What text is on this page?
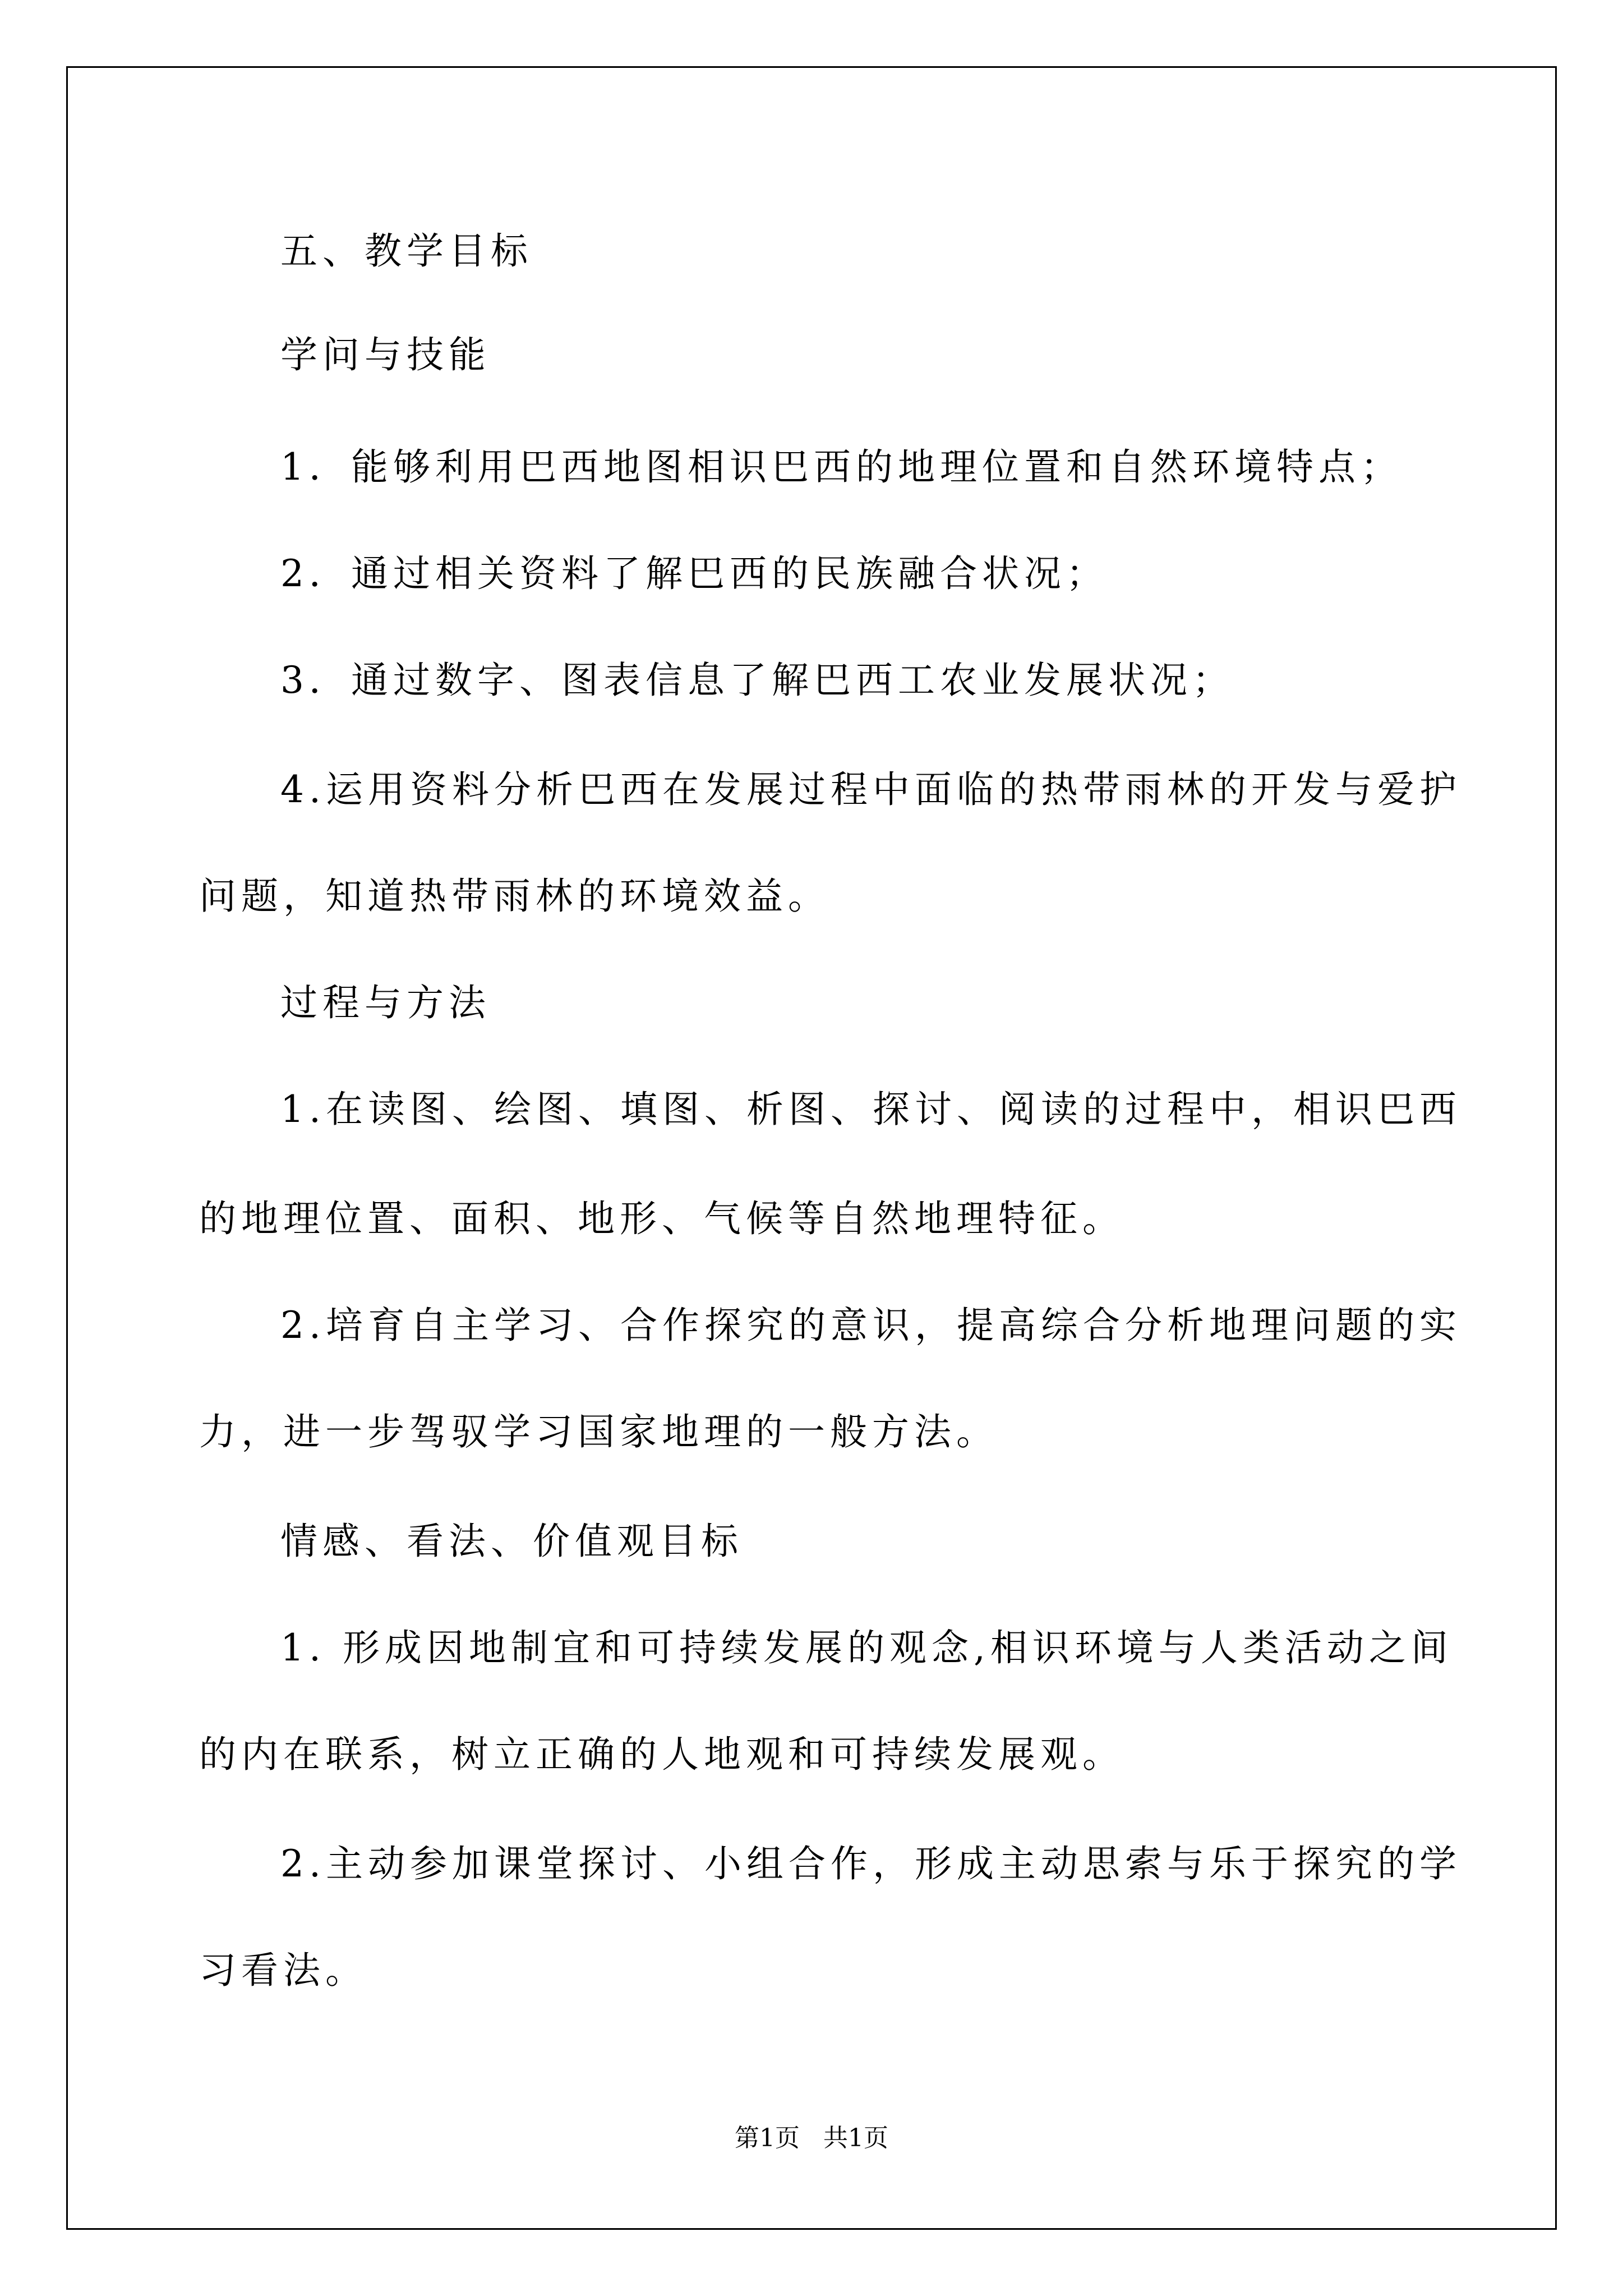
五、教学目标
学问与技能
1．能够利用巴西地图相识巴西的地理位置和自然环境特点；
2．通过相关资料了解巴西的民族融合状况；
3．通过数字、图表信息了解巴西工农业发展状况；
4.运用资料分析巴西在发展过程中面临的热带雨林的开发与爱护
问题，知道热带雨林的环境效益。
过程与方法
1.在读图、绘图、填图、析图、探讨、阅读的过程中，相识巴西
的地理位置、面积、地形、气候等自然地理特征。
2.培育自主学习、合作探究的意识，提高综合分析地理问题的实
力，进一步驾驭学习国家地理的一般方法。
情感、看法、价值观目标
1. 形成因地制宜和可持续发展的观念,相识环境与人类活动之间
的内在联系，树立正确的人地观和可持续发展观。
2.主动参加课堂探讨、小组合作，形成主动思索与乐于探究的学
习看法。
第1页   共1页
